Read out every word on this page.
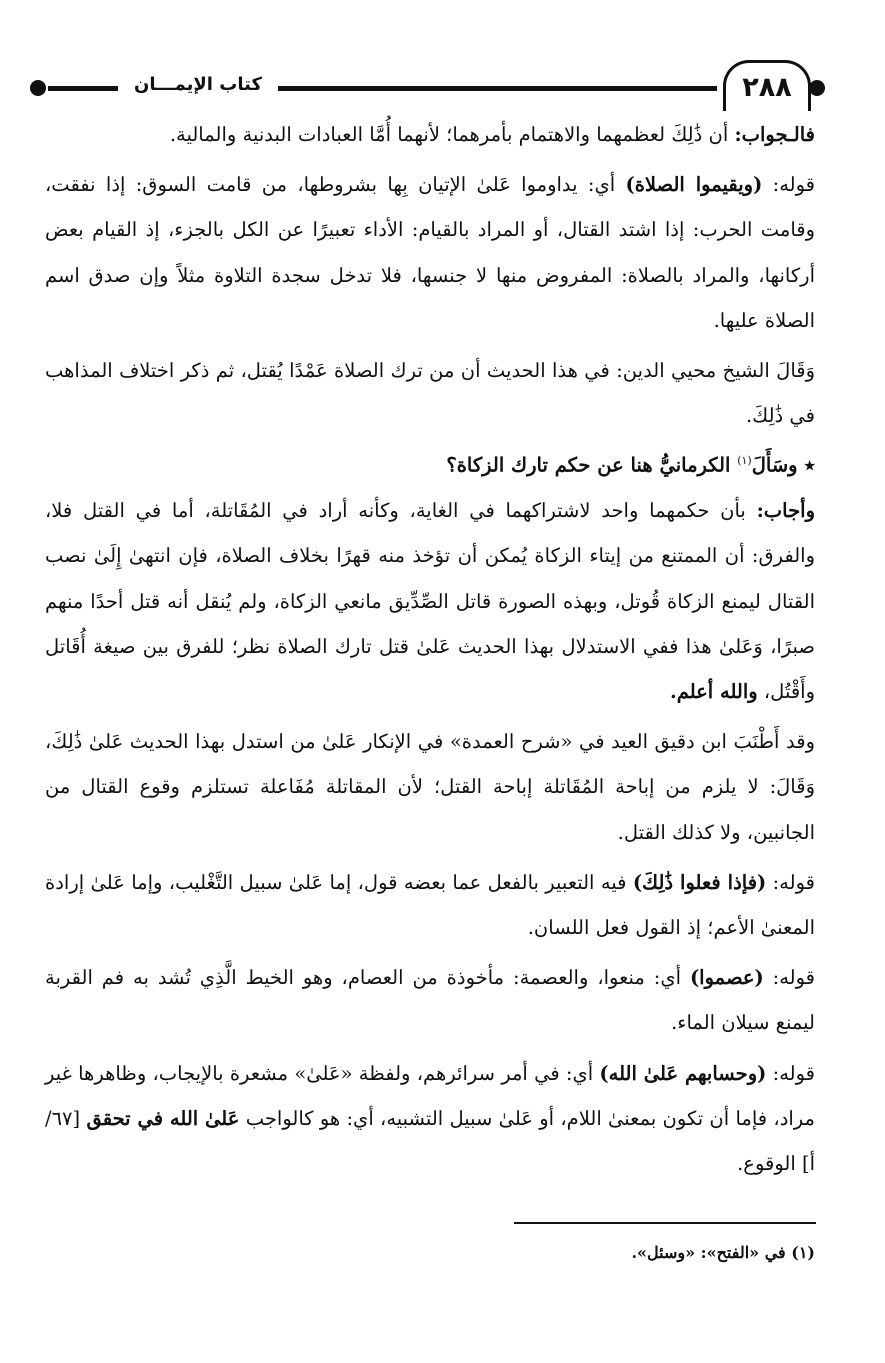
٢٨٨
كتاب الإيمـــان

فالـجواب: أن ذَٰلِكَ لعظمهما والاهتمام بأمرهما؛ لأنهما أُمَّا العبادات البدنية والمالية.

قوله: (ويقيموا الصلاة) أي: يداوموا عَلىٰ الإتيان بِها بشروطها، من قامت السوق: إذا نفقت، وقامت الحرب: إذا اشتد القتال، أو المراد بالقيام: الأداء تعبيرًا عن الكل بالجزء، إذ القيام بعض أركانها، والمراد بالصلاة: المفروض منها لا جنسها، فلا تدخل سجدة التلاوة مثلاً وإن صدق اسم الصلاة عليها.

وَقَالَ الشيخ محيي الدين: في هذا الحديث أن من ترك الصلاة عَمْدًا يُقتل، ثم ذكر اختلاف المذاهب في ذَٰلِكَ.

٭ وسَأَلَ$^{(١)}$ الكرمانيُّ هنا عن حكم تارك الزكاة؟

وأجاب: بأن حكمهما واحد لاشتراكهما في الغاية، وكأنه أراد في المُقَاتلة، أما في القتل فلا، والفرق: أن الممتنع من إيتاء الزكاة يُمكن أن تؤخذ منه قهرًا بخلاف الصلاة، فإن انتهىٰ إِلَىٰ نصب القتال ليمنع الزكاة قُوتل، وبهذه الصورة قاتل الصِّدِّيق مانعي الزكاة، ولم يُنقل أنه قتل أحدًا منهم صبرًا، وَعَلىٰ هذا ففي الاستدلال بهذا الحديث عَلىٰ قتل تارك الصلاة نظر؛ للفرق بين صيغة أُقَاتل وأَقْتُل، والله أعلم.

وقد أَطْنَبَ ابن دقيق العيد في «شرح العمدة» في الإنكار عَلىٰ من استدل بهذا الحديث عَلىٰ ذَٰلِكَ، وَقَالَ: لا يلزم من إباحة المُقَاتلة إباحة القتل؛ لأن المقاتلة مُفَاعلة تستلزم وقوع القتال من الجانبين، ولا كذلك القتل.

قوله: (فإذا فعلوا ذَٰلِكَ) فيه التعبير بالفعل عما بعضه قول، إما عَلىٰ سبيل التَّغْليب، وإما عَلىٰ إرادة المعنىٰ الأعم؛ إذ القول فعل اللسان.

قوله: (عصموا) أي: منعوا، والعصمة: مأخوذة من العصام، وهو الخيط الَّذِي تُشد به فم القربة ليمنع سيلان الماء.

قوله: (وحسابهم عَلىٰ الله) أي: في أمر سرائرهم، ولفظة «عَلىٰ» مشعرة بالإيجاب، وظاهرها غير مراد، فإما أن تكون بمعنىٰ اللام، أو عَلىٰ سبيل التشبيه، أي: هو كالواجب عَلىٰ الله في تحقق [٦٧/أ] الوقوع.

(١) في «الفتح»: «وسئل».
